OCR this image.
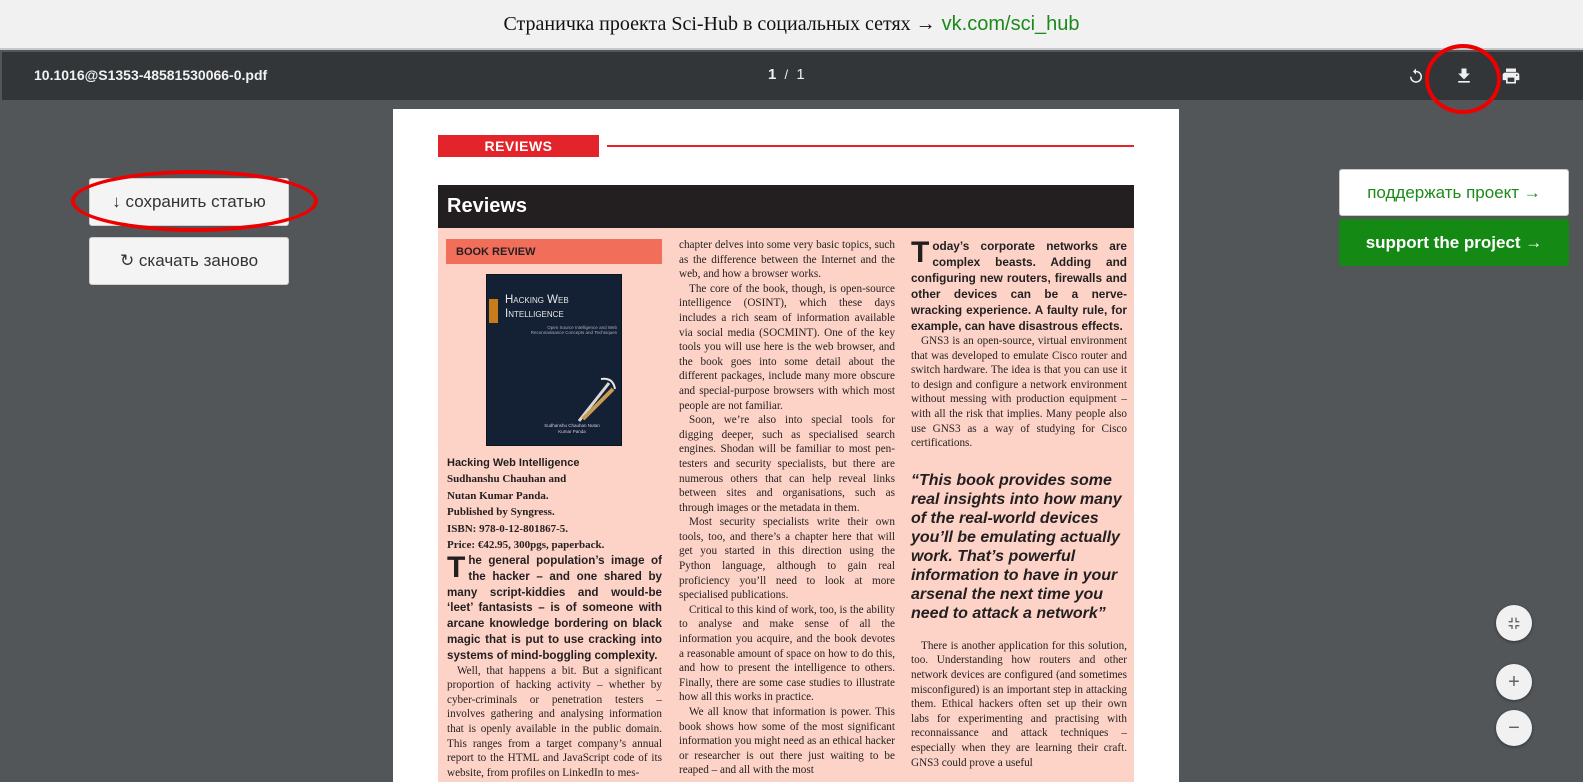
Страничка проекта Sci-Hub в социальных сетях → vk.com/sci_hub
10.1016@S1353-48581530066-0.pdf	1 / 1
↓ сохранить статью
↻ скачать заново
поддержать проект →
support the project →
+
−
REVIEWS
Reviews
BOOK REVIEW
Hacking Web
Intelligence
Open Source Intelligence and Web Reconnaissance Concepts and Techniques
Sudhanshu Chauhan Nutan Kumar Panda
Hacking Web Intelligence
Sudhanshu Chauhan and
Nutan Kumar Panda.
Published by Syngress.
ISBN: 978-0-12-801867-5.
Price: €42.95, 300pgs, paperback.
The general population’s image of the hacker – and one shared by many script-kiddies and would-be ‘leet’ fantasists – is of someone with arcane knowledge bordering on black magic that is put to use cracking into systems of mind-boggling complexity.
Well, that happens a bit. But a significant proportion of hacking activity – whether by cyber-criminals or penetration testers – involves gathering and analysing information that is openly available in the public domain. This ranges from a target company’s annual report to the HTML and JavaScript code of its website, from profiles on LinkedIn to mes-
chapter delves into some very basic topics, such as the difference between the Internet and the web, and how a browser works.
The core of the book, though, is open-source intelligence (OSINT), which these days includes a rich seam of information available via social media (SOCMINT). One of the key tools you will use here is the web browser, and the book goes into some detail about the different packages, include many more obscure and special-purpose browsers with which most people are not familiar.
Soon, we’re also into special tools for digging deeper, such as specialised search engines. Shodan will be familiar to most pen-testers and security specialists, but there are numerous others that can help reveal links between sites and organisations, such as through images or the metadata in them.
Most security specialists write their own tools, too, and there’s a chapter here that will get you started in this direction using the Python language, although to gain real proficiency you’ll need to look at more specialised publications.
Critical to this kind of work, too, is the ability to analyse and make sense of all the information you acquire, and the book devotes a reasonable amount of space on how to do this, and how to present the intelligence to others. Finally, there are some case studies to illustrate how all this works in practice.
We all know that information is power. This book shows how some of the most significant information you might need as an ethical hacker or researcher is out there just waiting to be reaped – and all with the most
Today’s corporate networks are complex beasts. Adding and configuring new routers, firewalls and other devices can be a nerve-wracking experience. A faulty rule, for example, can have disastrous effects.
GNS3 is an open-source, virtual environment that was developed to emulate Cisco router and switch hardware. The idea is that you can use it to design and configure a network environment without messing with production equipment – with all the risk that implies. Many people also use GNS3 as a way of studying for Cisco certifications.
“This book provides some real insights into how many of the real-world devices you’ll be emulating actually work. That’s powerful information to have in your arsenal the next time you need to attack a network”
There is another application for this solution, too. Understanding how routers and other network devices are configured (and sometimes misconfigured) is an important step in attacking them. Ethical hackers often set up their own labs for experimenting and practising with reconnaissance and attack techniques – especially when they are learning their craft. GNS3 could prove a useful
